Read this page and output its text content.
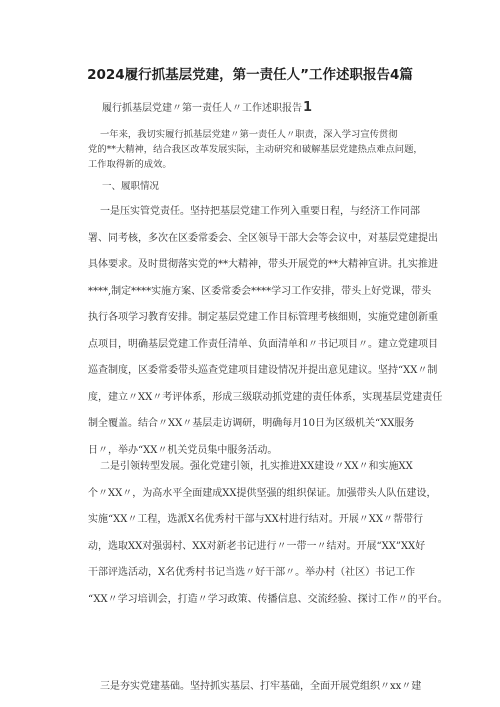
2024履行抓基层党建，第一责任人”工作述职报告4篇
履行抓基层党建〃第一责任人〃工作述职报告1
一年来，我切实履行抓基层党建〃第一责任人〃职责，深入学习宣传贯彻
党的**大精神，结合我区改革发展实际，主动研究和破解基层党建热点难点问题，
工作取得新的成效。
一、履职情况
一是压实管党责任。坚持把基层党建工作列入重要日程，与经济工作同部
署、同考核，多次在区委常委会、全区领导干部大会等会议中，对基层党建提出
具体要求。及时贯彻落实党的**大精神，带头开展党的**大精神宣讲。扎实推进
****,制定****实施方案、区委常委会****学习工作安排，带头上好党课，带头
执行各项学习教育安排。制定基层党建工作目标管理考核细则，实施党建创新重
点项目，明确基层党建工作责任清单、负面清单和〃书记项目〃。建立党建项目
巡查制度，区委常委带头巡查党建项目建设情况并提出意见建议。坚持“XX〃制
度，建立〃XX〃考评体系，形成三级联动抓党建的责任体系，实现基层党建责任
制全覆盖。结合〃XX〃基层走访调研，明确每月10日为区级机关“XX服务
日〃，举办“XX〃机关党员集中服务活动。
二是引领转型发展。强化党建引领，扎实推进XX建设〃XX〃和实施XX
个〃XX〃，为高水平全面建成XX提供坚强的组织保证。加强带头人队伍建设，
实施“XX〃工程，选派X名优秀村干部与XX村进行结对。开展〃XX〃帮带行
动，选取XX对强弱村、XX对新老书记进行〃一带一〃结对。开展“XX”XX好
干部评选活动，X名优秀村书记当选〃好干部〃。举办村（社区）书记工作
“XX〃学习培训会，打造〃学习政策、传播信息、交流经验、探讨工作〃的平台。
三是夯实党建基础。坚持抓实基层、打牢基础，全面开展党组织〃xx〃建
